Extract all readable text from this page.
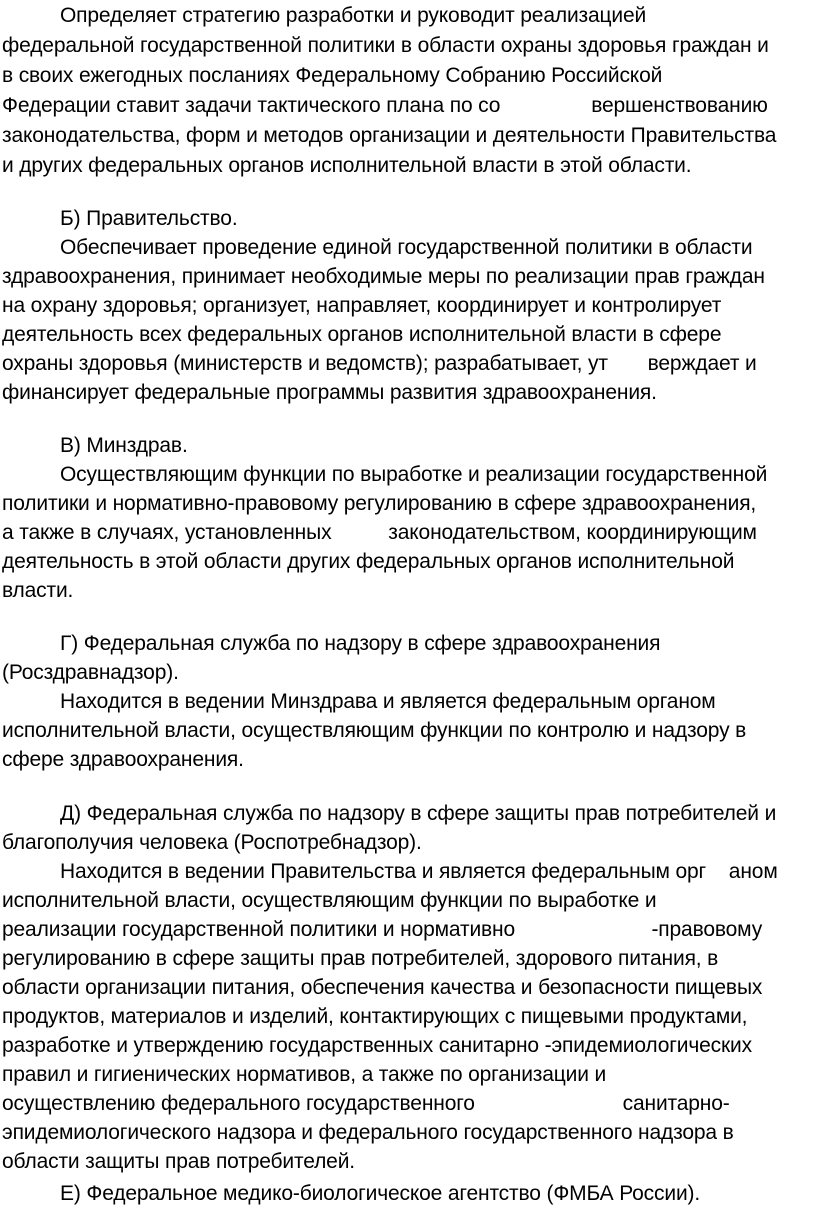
Определяет стратегию разработки и руководит реализацией
федеральной государственной политики в области охраны здоровья граждан и
в своих ежегодных посланиях Федеральному Собранию Российской
Федерации ставит задачи тактического плана по со                вершенствованию
законодательства, форм и методов организации и деятельности Правительства
и других федеральных органов исполнительной власти в этой области.
Б) Правительство.
Обеспечивает проведение единой государственной политики в области
здравоохранения, принимает необходимые меры по реализации прав граждан
на охрану здоровья; организует, направляет, координирует и контролирует
деятельность всех федеральных органов исполнительной власти в сфере
охраны здоровья (министерств и ведомств); разрабатывает, ут       верждает и
финансирует федеральные программы развития здравоохранения.
В) Минздрав.
Осуществляющим функции по выработке и реализации государственной
политики и нормативно-правовому регулированию в сфере здравоохранения,
а также в случаях, установленных          законодательством, координирующим
деятельность в этой области других федеральных органов исполнительной
власти.
Г) Федеральная служба по надзору в сфере здравоохранения
(Росздравнадзор).
Находится в ведении Минздрава и является федеральным органом
исполнительной власти, осуществляющим функции по контролю и надзору в
сфере здравоохранения.
Д) Федеральная служба по надзору в сфере защиты прав потребителей и
благополучия человека (Роспотребнадзор).
Находится в ведении Правительства и является федеральным орг    аном
исполнительной власти, осуществляющим функции по выработке и
реализации государственной политики и нормативно                        -правовому
регулированию в сфере защиты прав потребителей, здорового питания, в
области организации питания, обеспечения качества и безопасности пищевых
продуктов, материалов и изделий, контактирующих с пищевыми продуктами,
разработке и утверждению государственных санитарно -эпидемиологических
правил и гигиенических нормативов, а также по организации и
осуществлению федерального государственного                          санитарно-
эпидемиологического надзора и федерального государственного надзора в
области защиты прав потребителей.
Е) Федеральное медико-биологическое агентство (ФМБА России).
